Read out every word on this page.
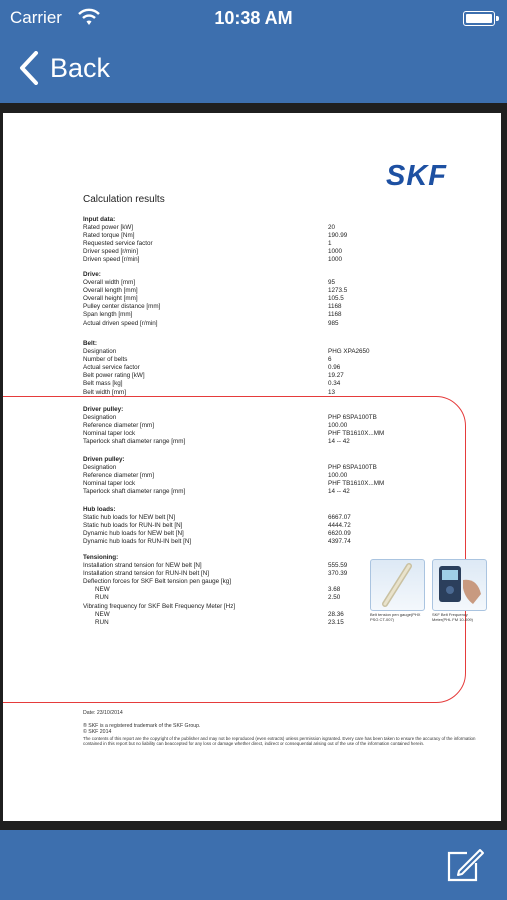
Carrier	10:38 AM
Back
SKF
Calculation results
Input data:
Rated power [kW]	20
Rated torque [Nm]	190.99
Requested service factor	1
Driver speed [r/min]	1000
Driven speed [r/min]	1000
Drive:
Overall width [mm]	95
Overall length [mm]	1273.5
Overall height [mm]	105.5
Pulley center distance [mm]	1168
Span length [mm]	1168
Actual driven speed [r/min]	985
Belt:
Designation	PHG XPA2650
Number of belts	6
Actual service factor	0.96
Belt power rating [kW]	19.27
Belt mass [kg]	0.34
Belt width [mm]	13
Driver pulley:
Designation	PHP 6SPA100TB
Reference diameter [mm]	100.00
Nominal taper lock	PHF TB1610X...MM
Taperlock shaft diameter range [mm]	14 -- 42
Driven pulley:
Designation	PHP 6SPA100TB
Reference diameter [mm]	100.00
Nominal taper lock	PHF TB1610X...MM
Taperlock shaft diameter range [mm]	14 -- 42
Hub loads:
Static hub loads for NEW belt [N]	6667.07
Static hub loads for RUN-IN belt [N]	4444.72
Dynamic hub loads for NEW belt [N]	6620.09
Dynamic hub loads for RUN-IN belt [N]	4397.74
Tensioning:
Installation strand tension for NEW belt [N]	555.59
Installation strand tension for RUN-IN belt [N]	370.39
Deflection forces for SKF Belt tension pen gauge [kg]
NEW	3.68
RUN	2.50
Vibrating frequency for SKF Belt Frequency Meter [Hz]
NEW	28.36
RUN	23.15
Belt tension pen gauge(PHX PSG CT-007)
SKF Belt Frequency Meter(PHL FM 10-009)
Date: 23/10/2014
® SKF is a registered trademark of the SKF Group.
© SKF 2014
The contents of this report are the copyright of the publisher and may not be reproduced (even extracts) unless permission isgranted. Every care has been taken to ensure the accuracy of the information contained in this report but no liability can beaccepted for any loss or damage whether direct, indirect or consequential arising out of the use of the information contained herein.
